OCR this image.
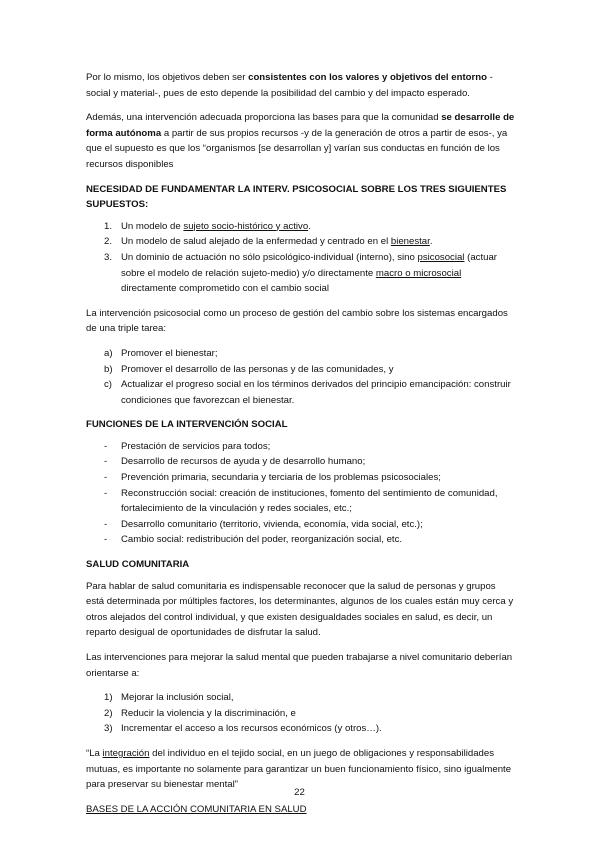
Por lo mismo, los objetivos deben ser consistentes con los valores y objetivos del entorno - social y material-, pues de esto depende la posibilidad del cambio y del impacto esperado.

Además, una intervención adecuada proporciona las bases para que la comunidad se desarrolle de forma autónoma a partir de sus propios recursos -y de la generación de otros a partir de esos-, ya que el supuesto es que los “organismos [se desarrollan y] varían sus conductas en función de los recursos disponibles

NECESIDAD DE FUNDAMENTAR LA INTERV. PSICOSOCIAL SOBRE LOS TRES SIGUIENTES SUPUESTOS:
1. Un modelo de sujeto socio-histórico y activo.
2. Un modelo de salud alejado de la enfermedad y centrado en el bienestar.
3. Un dominio de actuación no sólo psicológico-individual (interno), sino psicosocial (actuar sobre el modelo de relación sujeto-medio) y/o directamente macro o microsocial directamente comprometido con el cambio social

La intervención psicosocial como un proceso de gestión del cambio sobre los sistemas encargados de una triple tarea:

a) Promover el bienestar;
b) Promover el desarrollo de las personas y de las comunidades, y
c) Actualizar el progreso social en los términos derivados del principio emancipación: construir condiciones que favorezcan el bienestar.
FUNCIONES DE LA INTERVENCIÓN SOCIAL
- Prestación de servicios para todos;
- Desarrollo de recursos de ayuda y de desarrollo humano;
- Prevención primaria, secundaria y terciaria de los problemas psicosociales;
- Reconstrucción social: creación de instituciones, fomento del sentimiento de comunidad, fortalecimiento de la vinculación y redes sociales, etc.;
- Desarrollo comunitario (territorio, vivienda, economía, vida social, etc.);
- Cambio social: redistribución del poder, reorganización social, etc.
SALUD COMUNITARIA

Para hablar de salud comunitaria es indispensable reconocer que la salud de personas y grupos está determinada por múltiples factores, los determinantes, algunos de los cuales están muy cerca y otros alejados del control individual, y que existen desigualdades sociales en salud, es decir, un reparto desigual de oportunidades de disfrutar la salud.

Las intervenciones para mejorar la salud mental que pueden trabajarse a nivel comunitario deberían orientarse a:

1) Mejorar la inclusión social,
2) Reducir la violencia y la discriminación, e
3) Incrementar el acceso a los recursos económicos (y otros…).

“La integración del individuo en el tejido social, en un juego de obligaciones y responsabilidades mutuas, es importante no solamente para garantizar un buen funcionamiento físico, sino igualmente para preservar su bienestar mental”

BASES DE LA ACCIÓN COMUNITARIA EN SALUD
22
